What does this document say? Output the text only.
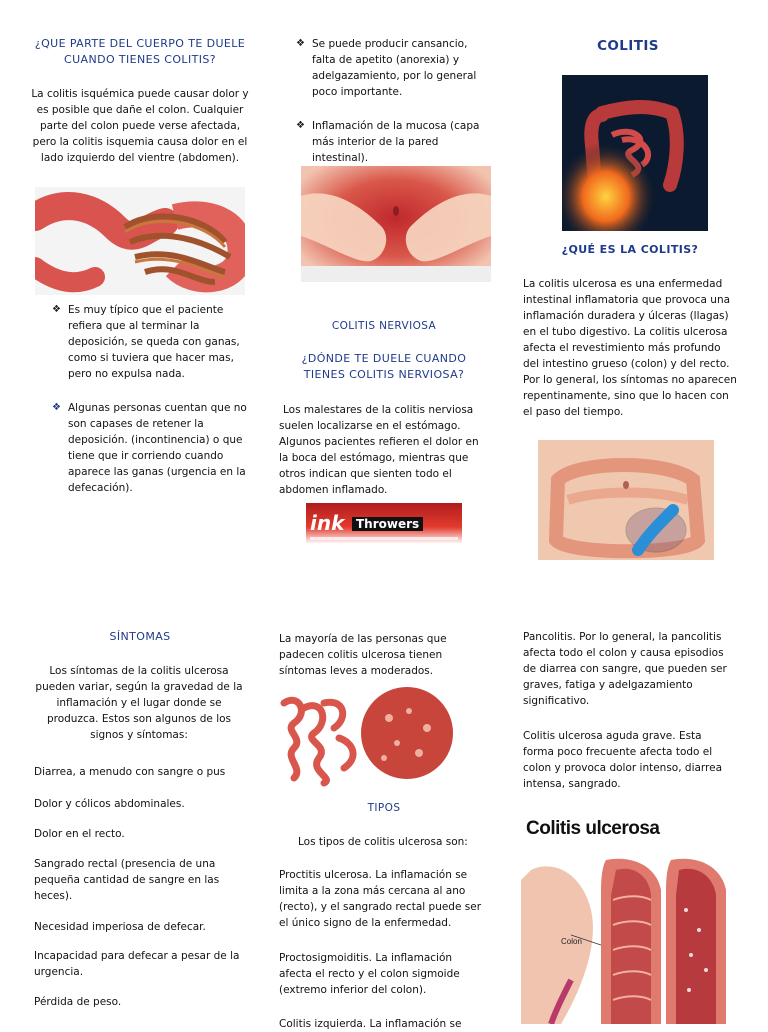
¿QUE PARTE DEL CUERPO TE DUELE CUANDO TIENES COLITIS?
La colitis isquémica puede causar dolor y es posible que dañe el colon. Cualquier parte del colon puede verse afectada, pero la colitis isquemia causa dolor en el lado izquierdo del vientre (abdomen).
❖ Es muy típico que el paciente refiera que al terminar la deposición, se queda con ganas, como si tuviera que hacer mas, pero no expulsa nada.
❖ Algunas personas cuentan que no son capases de retener la deposición. (incontinencia) o que tiene que ir corriendo cuando aparece las ganas (urgencia en la defecación).
❖ Se puede producir cansancio, falta de apetito (anorexia) y adelgazamiento, por lo general poco importante.
❖ Inflamación de la mucosa (capa más interior de la pared intestinal).
COLITIS NERVIOSA
¿DÓNDE TE DUELE CUANDO TIENES COLITIS NERVIOSA?
Los malestares de la colitis nerviosa suelen localizarse en el estómago. Algunos pacientes refieren el dolor en la boca del estómago, mientras que otros indican que sienten todo el abdomen inflamado.
ink Throwers
COLITIS
¿QUÉ ES LA COLITIS?
La colitis ulcerosa es una enfermedad intestinal inflamatoria que provoca una inflamación duradera y úlceras (llagas) en el tubo digestivo. La colitis ulcerosa afecta el revestimiento más profundo del intestino grueso (colon) y del recto. Por lo general, los síntomas no aparecen repentinamente, sino que lo hacen con el paso del tiempo.
SÍNTOMAS
Los síntomas de la colitis ulcerosa pueden variar, según la gravedad de la inflamación y el lugar donde se produzca. Estos son algunos de los signos y síntomas:
Diarrea, a menudo con sangre o pus
Dolor y cólicos abdominales.
Dolor en el recto.
Sangrado rectal (presencia de una pequeña cantidad de sangre en las heces).
Necesidad imperiosa de defecar.
Incapacidad para defecar a pesar de la urgencia.
Pérdida de peso.
La mayoría de las personas que padecen colitis ulcerosa tienen síntomas leves a moderados.
TIPOS
Los tipos de colitis ulcerosa son:
Proctitis ulcerosa. La inflamación se limita a la zona más cercana al ano (recto), y el sangrado rectal puede ser el único signo de la enfermedad.
Proctosigmoiditis. La inflamación afecta el recto y el colon sigmoide (extremo inferior del colon).
Colitis izquierda. La inflamación se
Pancolitis. Por lo general, la pancolitis afecta todo el colon y causa episodios de diarrea con sangre, que pueden ser graves, fatiga y adelgazamiento significativo.
Colitis ulcerosa aguda grave. Esta forma poco frecuente afecta todo el colon y provoca dolor intenso, diarrea intensa, sangrado.
Colitis ulcerosa
Colon
